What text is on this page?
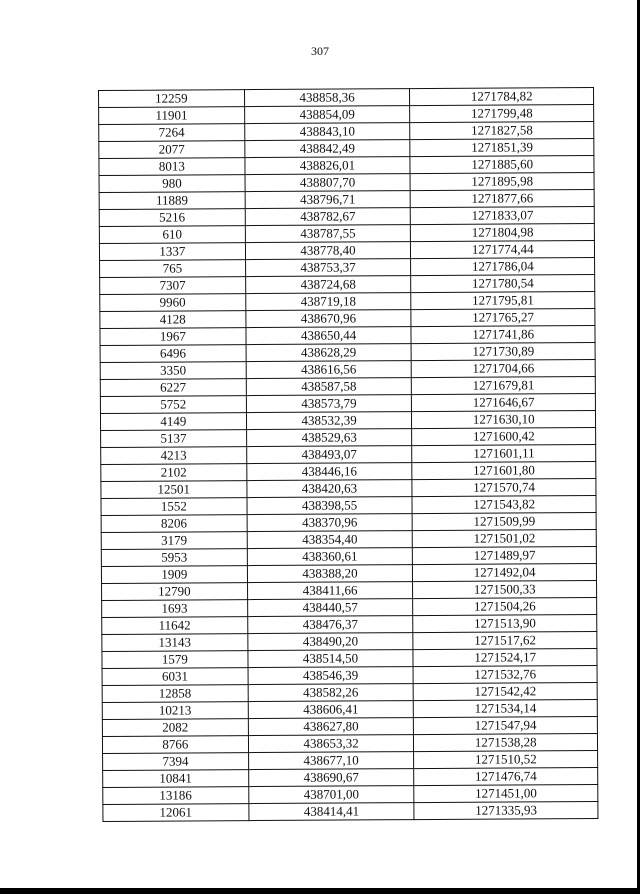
307
12259	438858,36	1271784,82
11901	438854,09	1271799,48
7264	438843,10	1271827,58
2077	438842,49	1271851,39
8013	438826,01	1271885,60
980	438807,70	1271895,98
11889	438796,71	1271877,66
5216	438782,67	1271833,07
610	438787,55	1271804,98
1337	438778,40	1271774,44
765	438753,37	1271786,04
7307	438724,68	1271780,54
9960	438719,18	1271795,81
4128	438670,96	1271765,27
1967	438650,44	1271741,86
6496	438628,29	1271730,89
3350	438616,56	1271704,66
6227	438587,58	1271679,81
5752	438573,79	1271646,67
4149	438532,39	1271630,10
5137	438529,63	1271600,42
4213	438493,07	1271601,11
2102	438446,16	1271601,80
12501	438420,63	1271570,74
1552	438398,55	1271543,82
8206	438370,96	1271509,99
3179	438354,40	1271501,02
5953	438360,61	1271489,97
1909	438388,20	1271492,04
12790	438411,66	1271500,33
1693	438440,57	1271504,26
11642	438476,37	1271513,90
13143	438490,20	1271517,62
1579	438514,50	1271524,17
6031	438546,39	1271532,76
12858	438582,26	1271542,42
10213	438606,41	1271534,14
2082	438627,80	1271547,94
8766	438653,32	1271538,28
7394	438677,10	1271510,52
10841	438690,67	1271476,74
13186	438701,00	1271451,00
12061	438414,41	1271335,93
